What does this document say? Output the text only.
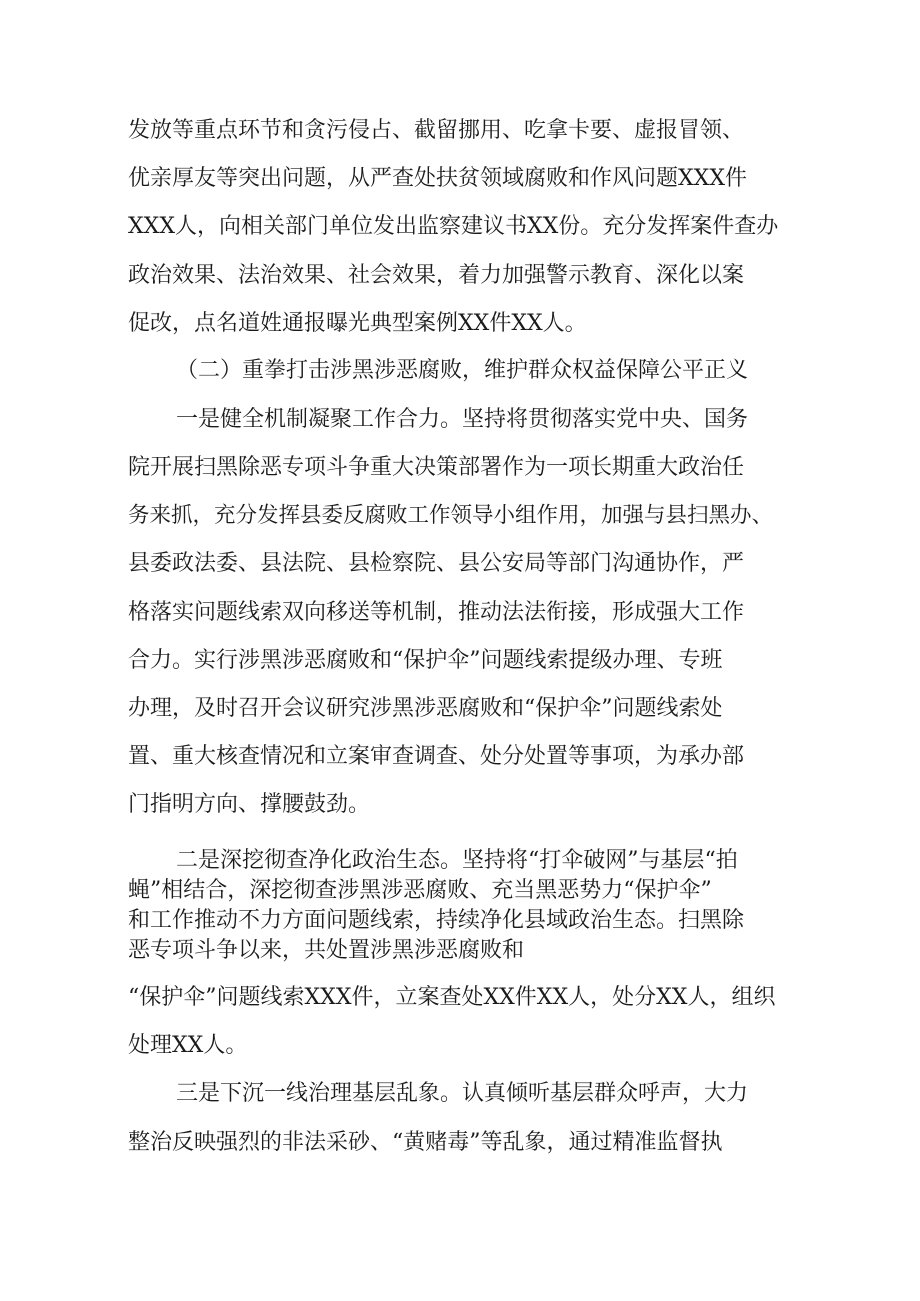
发放等重点环节和贪污侵占、截留挪用、吃拿卡要、虚报冒领、
优亲厚友等突出问题，从严查处扶贫领域腐败和作风问题XXX件
XXX人，向相关部门单位发出监察建议书XX份。充分发挥案件查办
政治效果、法治效果、社会效果，着力加强警示教育、深化以案
促改，点名道姓通报曝光典型案例XX件XX人。
（二）重拳打击涉黑涉恶腐败，维护群众权益保障公平正义
一是健全机制凝聚工作合力。坚持将贯彻落实党中央、国务
院开展扫黑除恶专项斗争重大决策部署作为一项长期重大政治任
务来抓，充分发挥县委反腐败工作领导小组作用，加强与县扫黑办、
县委政法委、县法院、县检察院、县公安局等部门沟通协作，严
格落实问题线索双向移送等机制，推动法法衔接，形成强大工作
合力。实行涉黑涉恶腐败和“保护伞”问题线索提级办理、专班
办理，及时召开会议研究涉黑涉恶腐败和“保护伞”问题线索处
置、重大核查情况和立案审查调查、处分处置等事项，为承办部
门指明方向、撑腰鼓劲。
二是深挖彻查净化政治生态。坚持将“打伞破网”与基层“拍
蝇”相结合，深挖彻查涉黑涉恶腐败、充当黑恶势力“保护伞”
和工作推动不力方面问题线索，持续净化县域政治生态。扫黑除
恶专项斗争以来，共处置涉黑涉恶腐败和
“保护伞”问题线索XXX件，立案查处XX件XX人，处分XX人，组织
处理XX人。
三是下沉一线治理基层乱象。认真倾听基层群众呼声，大力
整治反映强烈的非法采砂、“黄赌毒”等乱象，通过精准监督执
